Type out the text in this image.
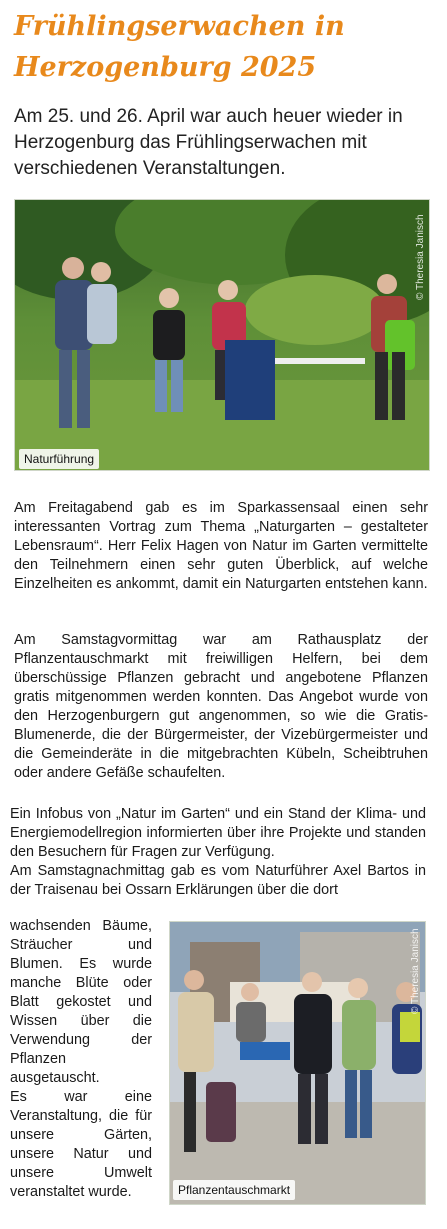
Frühlingserwachen in
Herzogenburg 2025
Am 25. und 26. April war auch heuer wieder in Herzogenburg das Frühlingserwachen mit verschiedenen Veranstaltungen.
Naturführung
© Theresia Janisch

Am Freitagabend gab es im Sparkassensaal einen sehr interessanten Vortrag zum Thema „Naturgarten – gestalteter Lebensraum“. Herr Felix Hagen von Natur im Garten vermittelte den Teilnehmern einen sehr guten Überblick, auf welche Einzelheiten es ankommt, damit ein Naturgarten entstehen kann.

Am Samstagvormittag war am Rathausplatz der Pflanzentauschmarkt mit freiwilligen Helfern, bei dem überschüssige Pflanzen gebracht und angebotene Pflanzen gratis mitgenommen werden konnten. Das Angebot wurde von den Herzogenburgern gut angenommen, so wie die Gratis-Blumenerde, die der Bürgermeister, der Vizebürgermeister und die Gemeinderäte in die mitgebrachten Kübeln, Scheibtruhen oder andere Gefäße schaufelten.
Ein Infobus von „Natur im Garten“ und ein Stand der Klima- und Energiemodellregion informierten über ihre Projekte und standen den Besuchern für Fragen zur Verfügung.
Am Samstagnachmittag gab es vom Naturführer Axel Bartos in der Traisenau bei Ossarn Erklärungen über die dort
wachsenden Bäume, Sträucher und Blumen. Es wurde manche Blüte oder Blatt gekostet und Wissen über die Verwendung der Pflanzen ausgetauscht.
Es war eine Veranstaltung, die für unsere Gärten, unsere Natur und unsere Umwelt veranstaltet wurde.	Pflanzentauschmarkt
© Theresia Janisch
